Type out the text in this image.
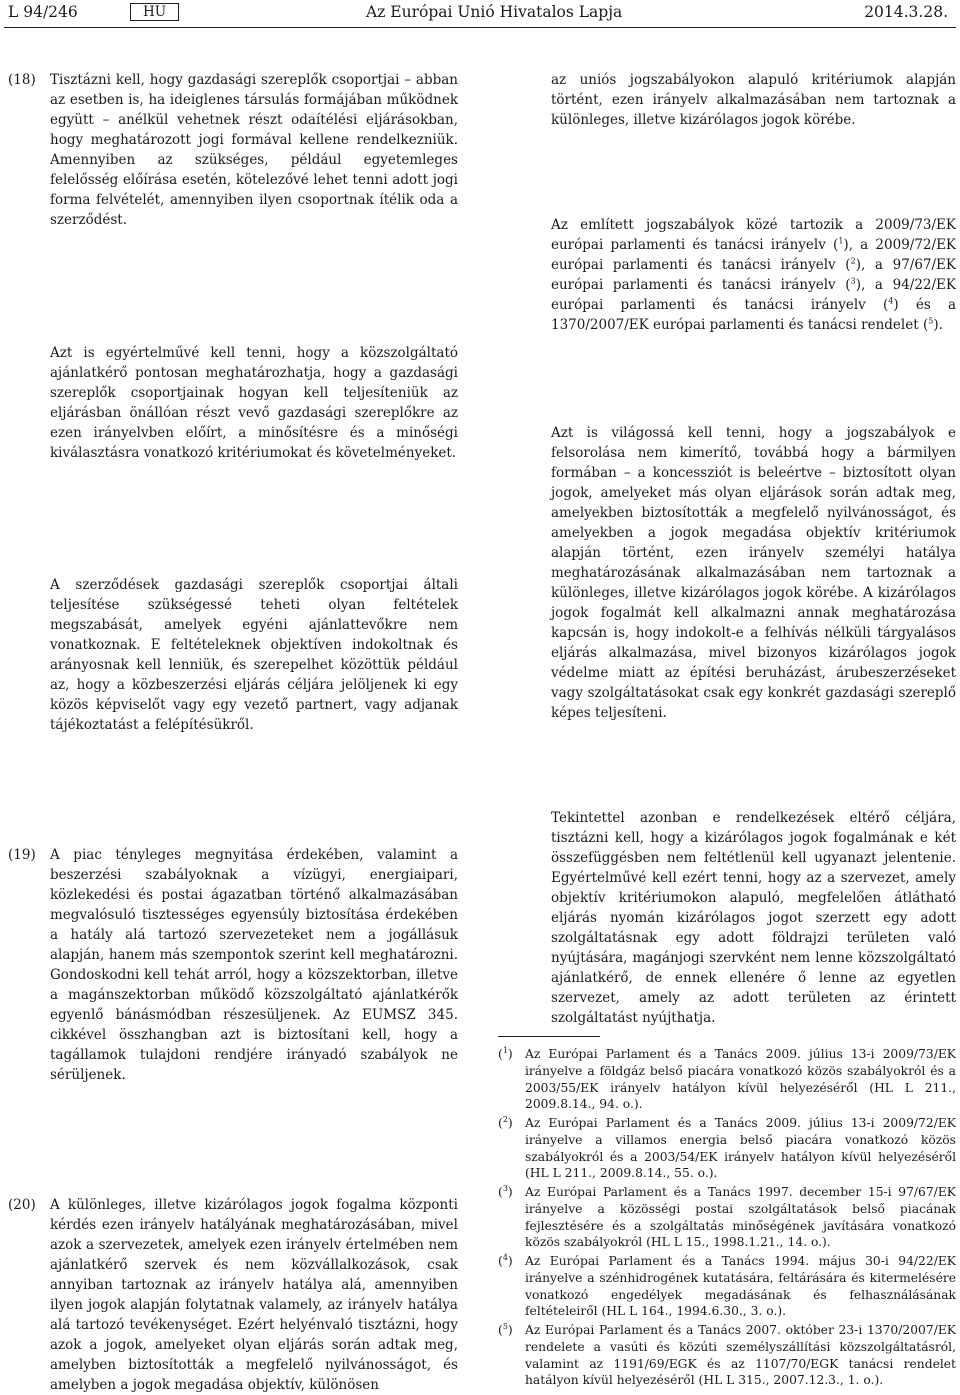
L 94/246	HU	Az Európai Unió Hivatalos Lapja	2014.3.28.
(18) Tisztázni kell, hogy gazdasági szereplők csoportjai – abban az esetben is, ha ideiglenes társulás formájában működnek együtt – anélkül vehetnek részt odaítélési eljárásokban, hogy meghatározott jogi formával kellene rendelkezniük. Amennyiben az szükséges, például egyetemleges felelősség előírása esetén, kötelezővé lehet tenni adott jogi forma felvételét, amennyiben ilyen csoportnak ítélik oda a szerződést.
Azt is egyértelművé kell tenni, hogy a közszolgáltató ajánlatkérő pontosan meghatározhatja, hogy a gazdasági szereplők csoportjainak hogyan kell teljesíteniük az eljárásban önállóan részt vevő gazdasági szereplőkre az ezen irányelvben előírt, a minősítésre és a minőségi kiválasztásra vonatkozó kritériumokat és követelményeket.
A szerződések gazdasági szereplők csoportjai általi teljesítése szükségessé teheti olyan feltételek megszabását, amelyek egyéni ajánlattevőkre nem vonatkoznak. E feltételeknek objektíven indokoltnak és arányosnak kell lenniük, és szerepelhet közöttük például az, hogy a közbeszerzési eljárás céljára jelöljenek ki egy közös képviselőt vagy egy vezető partnert, vagy adjanak tájékoztatást a felépítésükről.
(19) A piac tényleges megnyitása érdekében, valamint a beszerzési szabályoknak a vízügyi, energiaipari, közlekedési és postai ágazatban történő alkalmazásában megvalósuló tisztességes egyensúly biztosítása érdekében a hatály alá tartozó szervezeteket nem a jogállásuk alapján, hanem más szempontok szerint kell meghatározni. Gondoskodni kell tehát arról, hogy a közszektorban, illetve a magánszektorban működő közszolgáltató ajánlatkérők egyenlő bánásmódban részesüljenek. Az EUMSZ 345. cikkével összhangban azt is biztosítani kell, hogy a tagállamok tulajdoni rendjére irányadó szabályok ne sérüljenek.
(20) A különleges, illetve kizárólagos jogok fogalma központi kérdés ezen irányelv hatályának meghatározásában, mivel azok a szervezetek, amelyek ezen irányelv értelmében nem ajánlatkérő szervek és nem közvállalkozások, csak annyiban tartoznak az irányelv hatálya alá, amennyiben ilyen jogok alapján folytatnak valamely, az irányelv hatálya alá tartozó tevékenységet. Ezért helyénvaló tisztázni, hogy azok a jogok, amelyeket olyan eljárás során adtak meg, amelyben biztosították a megfelelő nyilvánosságot, és amelyben a jogok megadása objektív, különösen
az uniós jogszabályokon alapuló kritériumok alapján történt, ezen irányelv alkalmazásában nem tartoznak a különleges, illetve kizárólagos jogok körébe.
Az említett jogszabályok közé tartozik a 2009/73/EK európai parlamenti és tanácsi irányelv ($^1$), a 2009/72/EK európai parlamenti és tanácsi irányelv ($^2$), a 97/67/EK európai parlamenti és tanácsi irányelv ($^3$), a 94/22/EK európai parlamenti és tanácsi irányelv ($^4$) és a 1370/2007/EK európai parlamenti és tanácsi rendelet ($^5$).
Azt is világossá kell tenni, hogy a jogszabályok e felsorolása nem kimerítő, továbbá hogy a bármilyen formában – a koncessziót is beleértve – biztosított olyan jogok, amelyeket más olyan eljárások során adtak meg, amelyekben biztosították a megfelelő nyilvánosságot, és amelyekben a jogok megadása objektív kritériumok alapján történt, ezen irányelv személyi hatálya meghatározásának alkalmazásában nem tartoznak a különleges, illetve kizárólagos jogok körébe. A kizárólagos jogok fogalmát kell alkalmazni annak meghatározása kapcsán is, hogy indokolt-e a felhívás nélküli tárgyalásos eljárás alkalmazása, mivel bizonyos kizárólagos jogok védelme miatt az építési beruházást, árubeszerzéseket vagy szolgáltatásokat csak egy konkrét gazdasági szereplő képes teljesíteni.
Tekintettel azonban e rendelkezések eltérő céljára, tisztázni kell, hogy a kizárólagos jogok fogalmának e két összefüggésben nem feltétlenül kell ugyanazt jelentenie. Egyértelművé kell ezért tenni, hogy az a szervezet, amely objektív kritériumokon alapuló, megfelelően átlátható eljárás nyomán kizárólagos jogot szerzett egy adott szolgáltatásnak egy adott földrajzi területen való nyújtására, magánjogi szervként nem lenne közszolgáltató ajánlatkérő, de ennek ellenére ő lenne az egyetlen szervezet, amely az adott területen az érintett szolgáltatást nyújthatja.
($^1$) Az Európai Parlament és a Tanács 2009. július 13-i 2009/73/EK irányelve a földgáz belső piacára vonatkozó közös szabályokról és a 2003/55/EK irányelv hatályon kívül helyezéséről (HL L 211., 2009.8.14., 94. o.).
($^2$) Az Európai Parlament és a Tanács 2009. július 13-i 2009/72/EK irányelve a villamos energia belső piacára vonatkozó közös szabályokról és a 2003/54/EK irányelv hatályon kívül helyezéséről (HL L 211., 2009.8.14., 55. o.).
($^3$) Az Európai Parlament és a Tanács 1997. december 15-i 97/67/EK irányelve a közösségi postai szolgáltatások belső piacának fejlesztésére és a szolgáltatás minőségének javítására vonatkozó közös szabályokról (HL L 15., 1998.1.21., 14. o.).
($^4$) Az Európai Parlament és a Tanács 1994. május 30-i 94/22/EK irányelve a szénhidrogének kutatására, feltárására és kitermelésére vonatkozó engedélyek megadásának és felhasználásának feltételeiről (HL L 164., 1994.6.30., 3. o.).
($^5$) Az Európai Parlament és a Tanács 2007. október 23-i 1370/2007/EK rendelete a vasúti és közúti személyszállítási közszolgáltatásról, valamint az 1191/69/EGK és az 1107/70/EGK tanácsi rendelet hatályon kívül helyezéséről (HL L 315., 2007.12.3., 1. o.).
